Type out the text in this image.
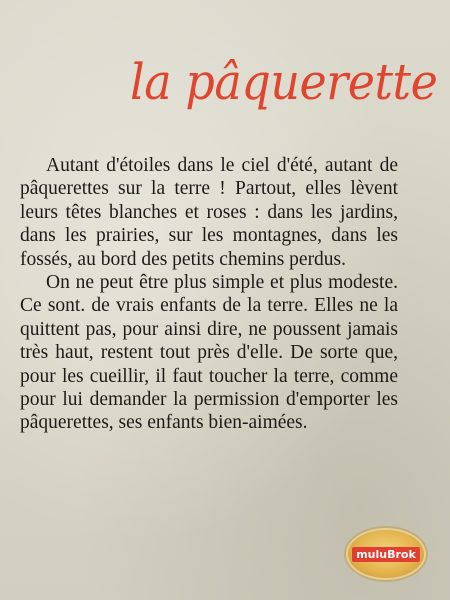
la pâquerette

Autant d'étoiles dans le ciel d'été, autant de pâquerettes sur la terre ! Partout, elles lèvent leurs têtes blanches et roses : dans les jardins, dans les prairies, sur les montagnes, dans les fossés, au bord des petits chemins perdus.

On ne peut être plus simple et plus modeste. Ce sont. de vrais enfants de la terre. Elles ne la quittent pas, pour ainsi dire, ne poussent jamais très haut, restent tout près d'elle. De sorte que, pour les cueillir, il faut toucher la terre, comme pour lui demander la permission d'emporter les pâquerettes, ses enfants bien-aimées.

muluBrok
